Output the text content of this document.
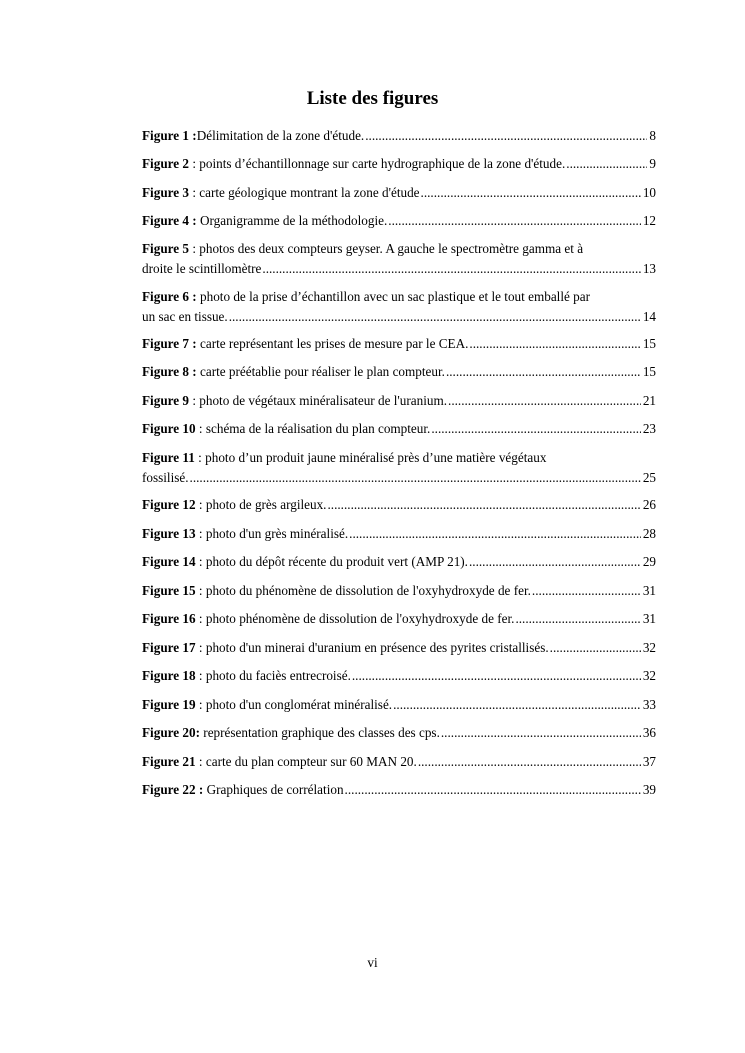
Liste des figures
Figure 1 :Délimitation de la zone d'étude. .....	8
Figure 2 : points d’échantillonnage sur carte hydrographique de la zone d'étude. .....	9
Figure 3 : carte géologique montrant la zone d'étude .....	10
Figure 4 : Organigramme de la méthodologie. .....	12
Figure 5 : photos des deux compteurs geyser. A gauche le spectromètre gamma et à
droite le scintillomètre .....	13
Figure 6 : photo de la prise d’échantillon avec un sac plastique et le tout emballé par
un sac en tissue. .....	14
Figure 7 : carte représentant les prises de mesure par le CEA. .....	15
Figure 8 : carte préétablie pour réaliser le plan compteur. .....	15
Figure 9 : photo de végétaux minéralisateur de l'uranium. .....	21
Figure 10 : schéma de la réalisation du plan compteur. .....	23
Figure 11 : photo d’un produit jaune minéralisé près d’une matière végétaux
fossilisé. .....	25
Figure 12 : photo de grès argileux. .....	26
Figure 13 : photo d'un grès minéralisé. .....	28
Figure 14 : photo du dépôt récente du produit vert (AMP 21). .....	29
Figure 15 : photo du phénomène de dissolution de l'oxyhydroxyde de fer. .....	31
Figure 16 : photo phénomène de dissolution de l'oxyhydroxyde de fer. .....	31
Figure 17 : photo d'un minerai d'uranium en présence des pyrites cristallisés. .....	32
Figure 18 : photo du faciès entrecroisé. .....	32
Figure 19 : photo d'un conglomérat minéralisé. .....	33
Figure 20: représentation graphique des classes des cps. .....	36
Figure 21 : carte du plan compteur sur 60 MAN 20. .....	37
Figure 22 : Graphiques de corrélation .....	39
vi
